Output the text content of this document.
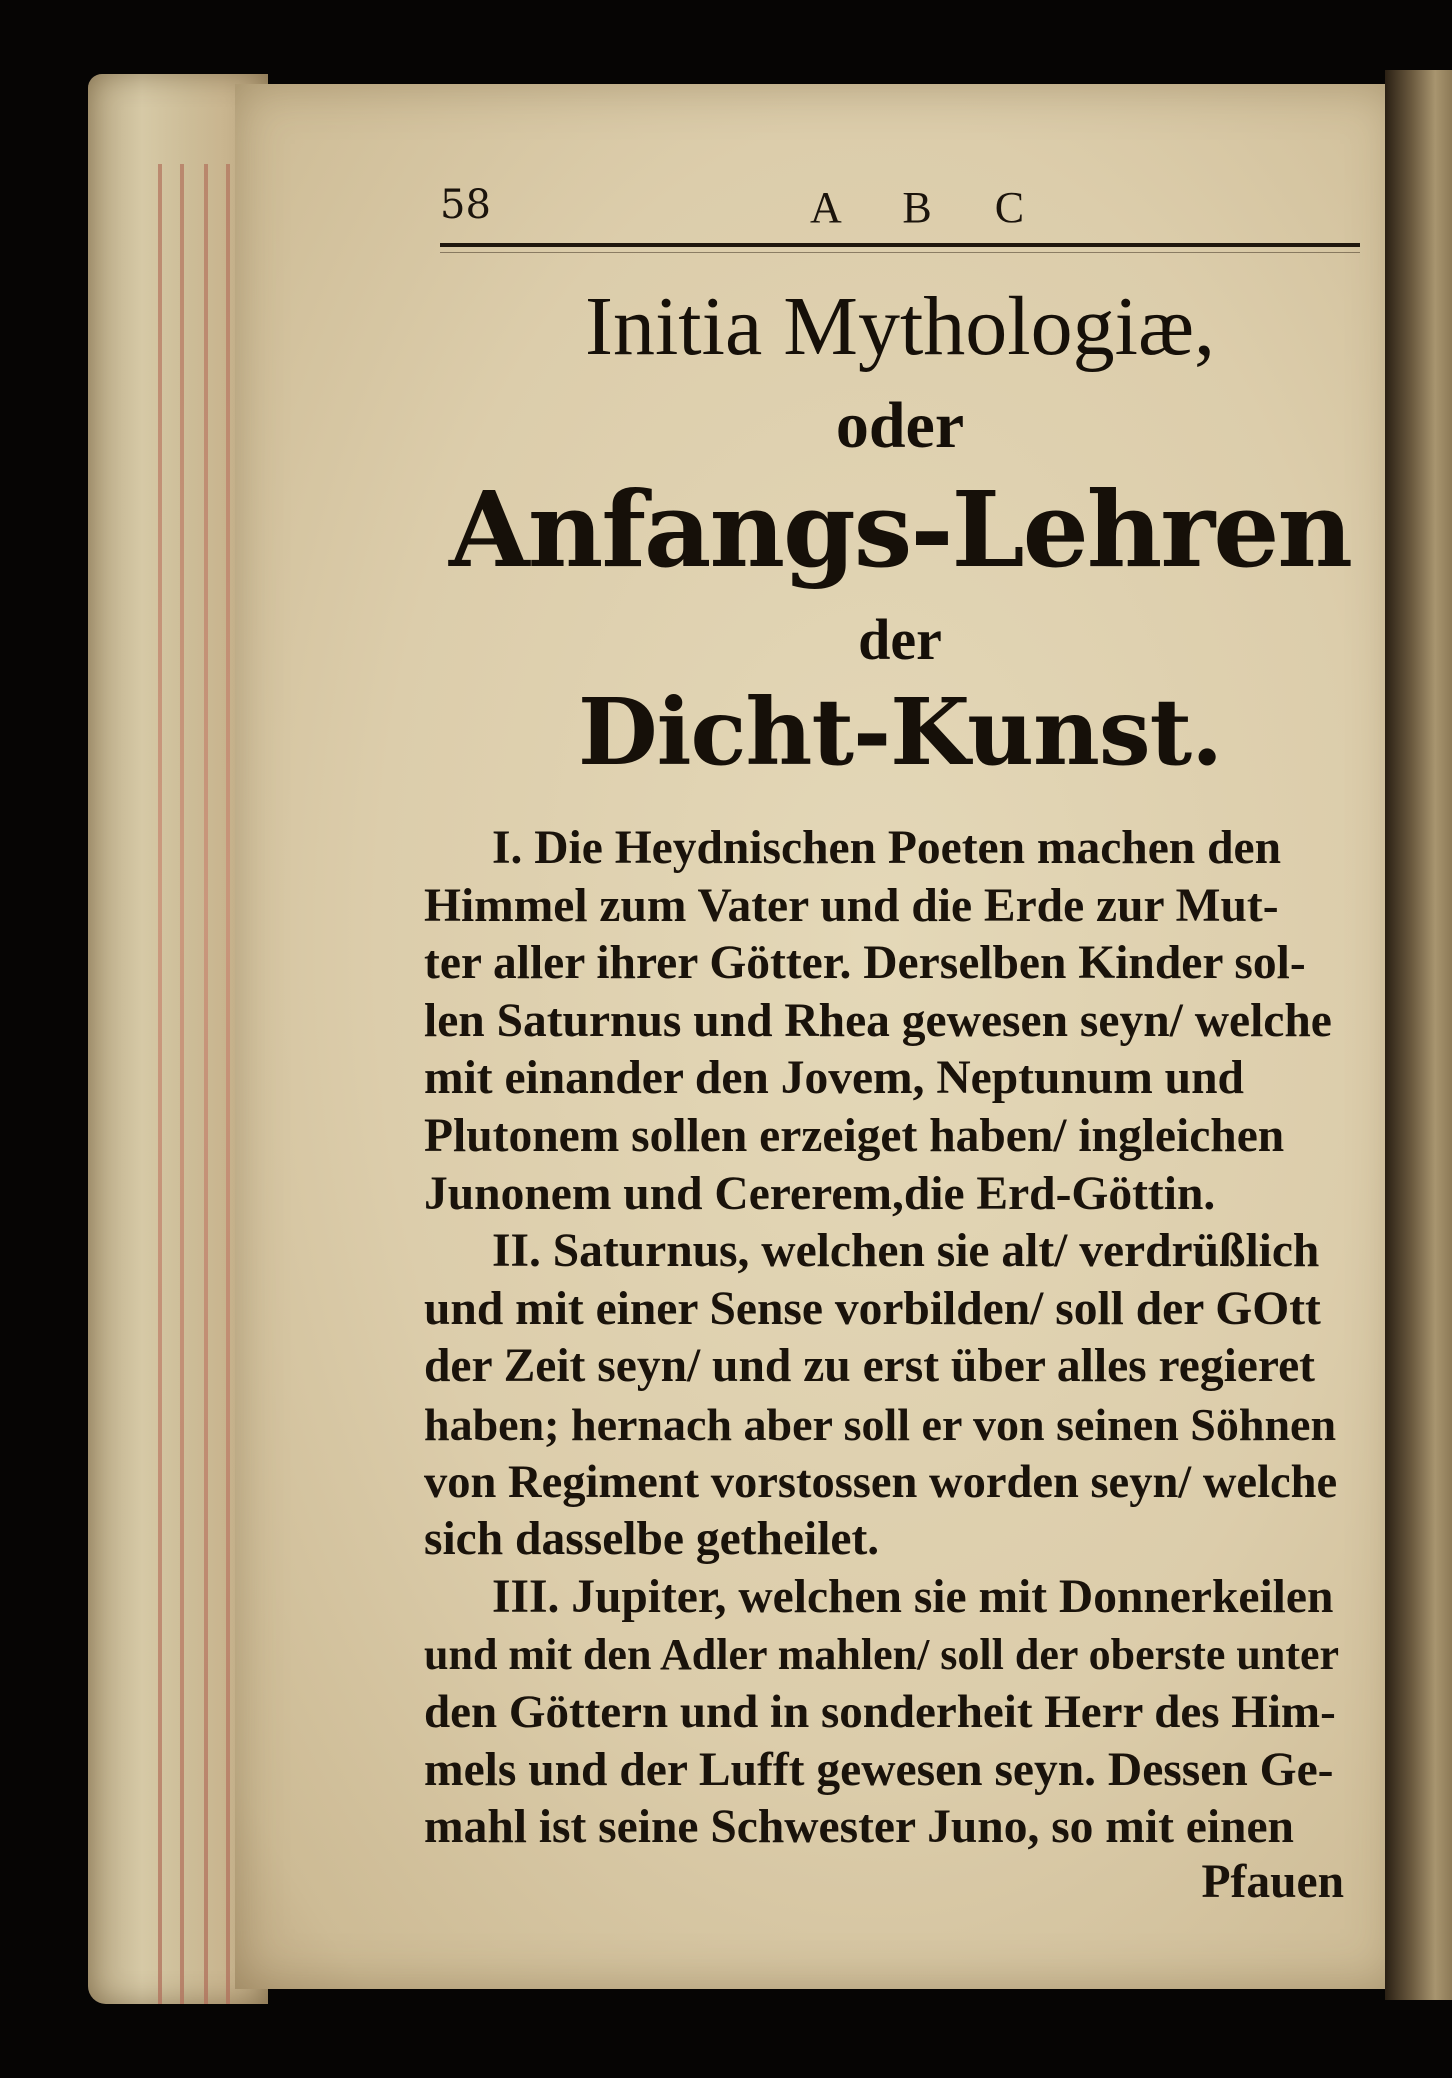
58	A B C
Initia Mythologiæ,
oder
Anfangs-Lehren
der
Dicht-Kunst.
I. Die Heydnischen Poeten machen den
Himmel zum Vater und die Erde zur Mut-
ter aller ihrer Götter. Derselben Kinder sol-
len Saturnus und Rhea gewesen seyn/ welche
mit einander den Jovem, Neptunum und
Plutonem sollen erzeiget haben/ ingleichen
Junonem und Cererem,die Erd-Göttin.
II. Saturnus, welchen sie alt/ verdrüßlich
und mit einer Sense vorbilden/ soll der GOtt
der Zeit seyn/ und zu erst über alles regieret
haben; hernach aber soll er von seinen Söhnen
von Regiment vorstossen worden seyn/ welche
sich dasselbe getheilet.
III. Jupiter, welchen sie mit Donnerkeilen
und mit den Adler mahlen/ soll der oberste unter
den Göttern und in sonderheit Herr des Him-
mels und der Lufft gewesen seyn. Dessen Ge-
mahl ist seine Schwester Juno, so mit einen
Pfauen
